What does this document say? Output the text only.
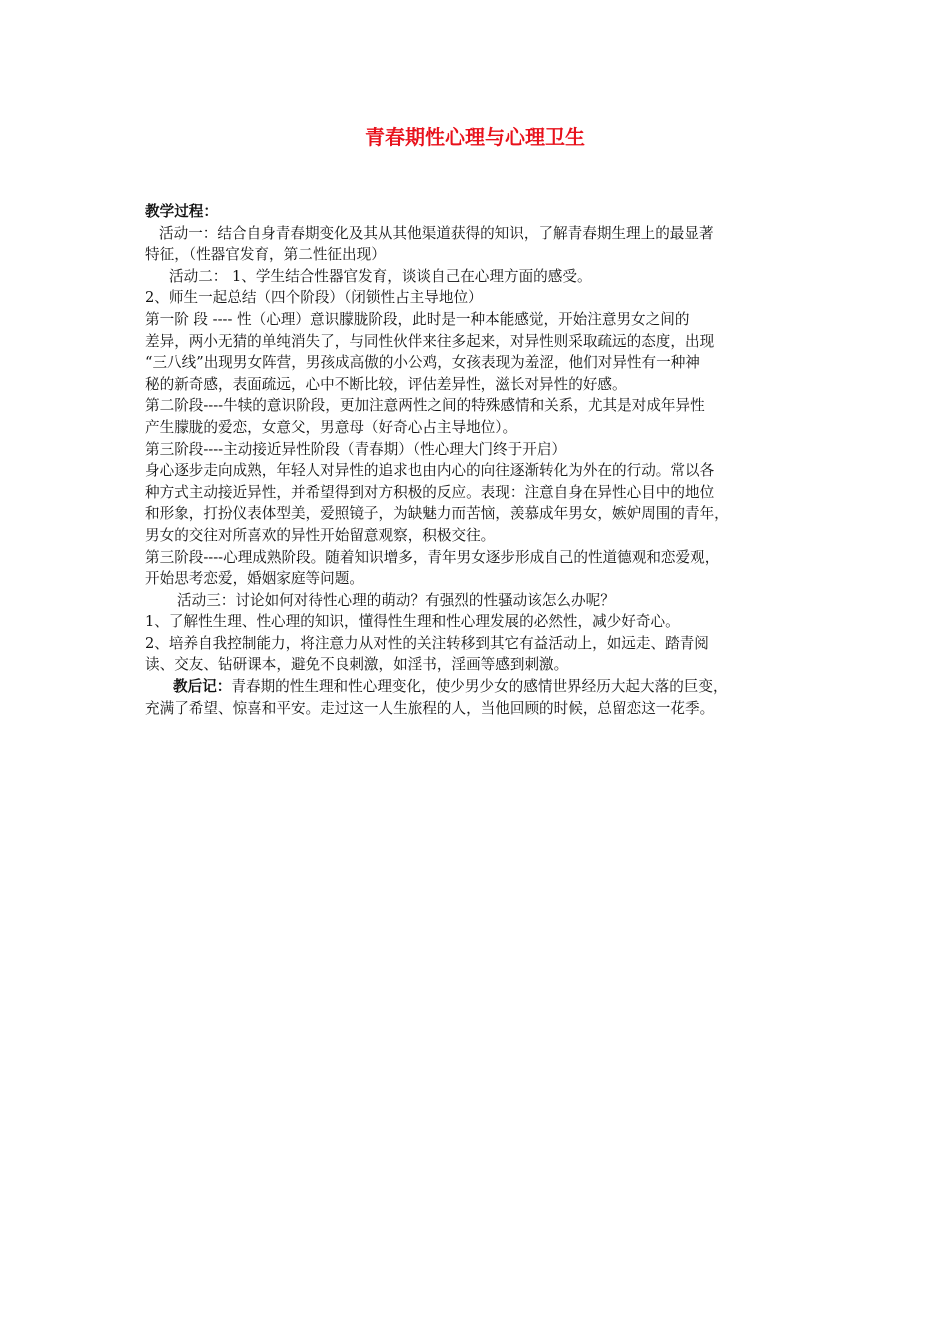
青春期性心理与心理卫生
教学过程：
活动一：结合自身青春期变化及其从其他渠道获得的知识，了解青春期生理上的最显著
特征，（性器官发育，第二性征出现）
活动二： 1、学生结合性器官发育，谈谈自己在心理方面的感受。
2、师生一起总结（四个阶段）（闭锁性占主导地位）
第一阶 段 ---- 性（心理）意识朦胧阶段，此时是一种本能感觉，开始注意男女之间的
差异，两小无猜的单纯消失了，与同性伙伴来往多起来，对异性则采取疏远的态度，出现
“三八线”出现男女阵营，男孩成高傲的小公鸡，女孩表现为羞涩，他们对异性有一种神
秘的新奇感，表面疏远，心中不断比较，评估差异性，滋长对异性的好感。
第二阶段----牛犊的意识阶段，更加注意两性之间的特殊感情和关系，尤其是对成年异性
产生朦胧的爱恋，女意父，男意母（好奇心占主导地位）。
第三阶段----主动接近异性阶段（青春期）（性心理大门终于开启）
身心逐步走向成熟，年轻人对异性的追求也由内心的向往逐渐转化为外在的行动。常以各
种方式主动接近异性，并希望得到对方积极的反应。表现：注意自身在异性心目中的地位
和形象，打扮仪表体型美，爱照镜子，为缺魅力而苦恼，羡慕成年男女，嫉妒周围的青年，
男女的交往对所喜欢的异性开始留意观察，积极交往。
第三阶段----心理成熟阶段。随着知识增多，青年男女逐步形成自己的性道德观和恋爱观，
开始思考恋爱，婚姻家庭等问题。
活动三：讨论如何对待性心理的萌动？有强烈的性骚动该怎么办呢？
1、了解性生理、性心理的知识，懂得性生理和性心理发展的必然性，减少好奇心。
2、培养自我控制能力，将注意力从对性的关注转移到其它有益活动上，如远走、踏青阅
读、交友、钻研课本，避免不良刺激，如淫书，淫画等感到刺激。
教后记：青春期的性生理和性心理变化，使少男少女的感情世界经历大起大落的巨变，
充满了希望、惊喜和平安。走过这一人生旅程的人，当他回顾的时候，总留恋这一花季。
